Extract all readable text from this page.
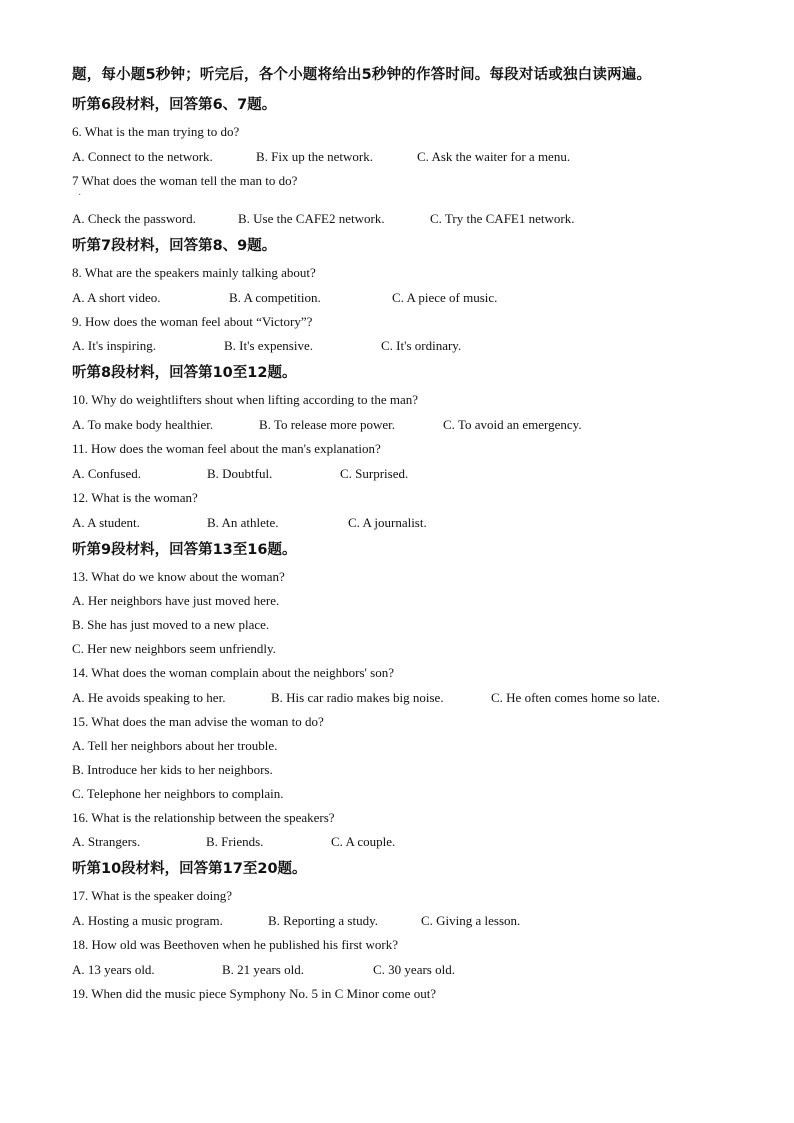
题，每小题5秒钟；听完后，各个小题将给出5秒钟的作答时间。每段对话或独白读两遍。
听第6段材料，回答第6、7题。
6. What is the man trying to do?
A. Connect to the network.	B. Fix up the network.	C. Ask the waiter for a menu.
7 What does the woman tell the man to do?
·
A. Check the password.	B. Use the CAFE2 network.	C. Try the CAFE1 network.
听第7段材料，回答第8、9题。
8. What are the speakers mainly talking about?
A. A short video.	B. A competition.	C. A piece of music.
9. How does the woman feel about “Victory”?
A. It's inspiring.	B. It's expensive.	C. It's ordinary.
听第8段材料，回答第10至12题。
10. Why do weightlifters shout when lifting according to the man?
A. To make body healthier.	B. To release more power.	C. To avoid an emergency.
11. How does the woman feel about the man's explanation?
A. Confused.	B. Doubtful.	C. Surprised.
12. What is the woman?
A. A student.	B. An athlete.	C. A journalist.
听第9段材料，回答第13至16题。
13. What do we know about the woman?
A. Her neighbors have just moved here.
B. She has just moved to a new place.
C. Her new neighbors seem unfriendly.
14. What does the woman complain about the neighbors' son?
A. He avoids speaking to her.	B. His car radio makes big noise.	C. He often comes home so late.
15. What does the man advise the woman to do?
A. Tell her neighbors about her trouble.
B. Introduce her kids to her neighbors.
C. Telephone her neighbors to complain.
16. What is the relationship between the speakers?
A. Strangers.	B. Friends.	C. A couple.
听第10段材料，回答第17至20题。
17. What is the speaker doing?
A. Hosting a music program.	B. Reporting a study.	C. Giving a lesson.
18. How old was Beethoven when he published his first work?
A. 13 years old.	B. 21 years old.	C. 30 years old.
19. When did the music piece Symphony No. 5 in C Minor come out?
